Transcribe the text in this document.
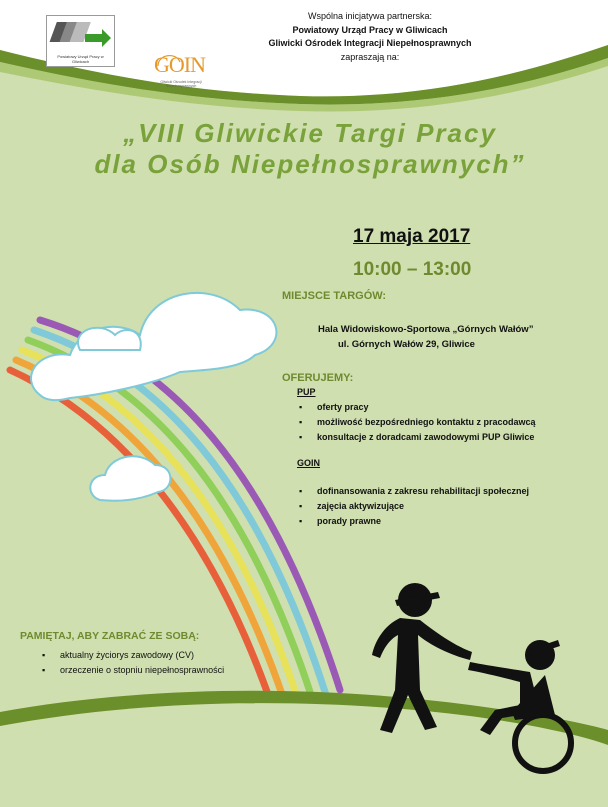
Powiatowy Urząd Pracy w Gliwicach	GOIN
Gliwicki Ośrodek Integracji Niepełnosprawnych
Wspólna inicjatywa partnerska:
Powiatowy Urząd Pracy w Gliwicach
Gliwicki Ośrodek Integracji Niepełnosprawnych
zapraszają na:
„VIII Gliwickie Targi Pracy
dla Osób Niepełnosprawnych”
17 maja 2017
10:00 – 13:00
MIEJSCE TARGÓW:
Hala Widowiskowo-Sportowa „Górnych Wałów”
ul. Górnych Wałów 29, Gliwice
OFERUJEMY:
PUP
▪ oferty pracy
▪ możliwość bezpośredniego kontaktu z pracodawcą
▪ konsultacje z doradcami zawodowymi PUP Gliwice
GOIN
▪ dofinansowania z zakresu rehabilitacji społecznej
▪ zajęcia aktywizujące
▪ porady prawne
PAMIĘTAJ, ABY ZABRAĆ ZE SOBĄ:
▪ aktualny życiorys zawodowy (CV)
▪ orzeczenie o stopniu niepełnosprawności
